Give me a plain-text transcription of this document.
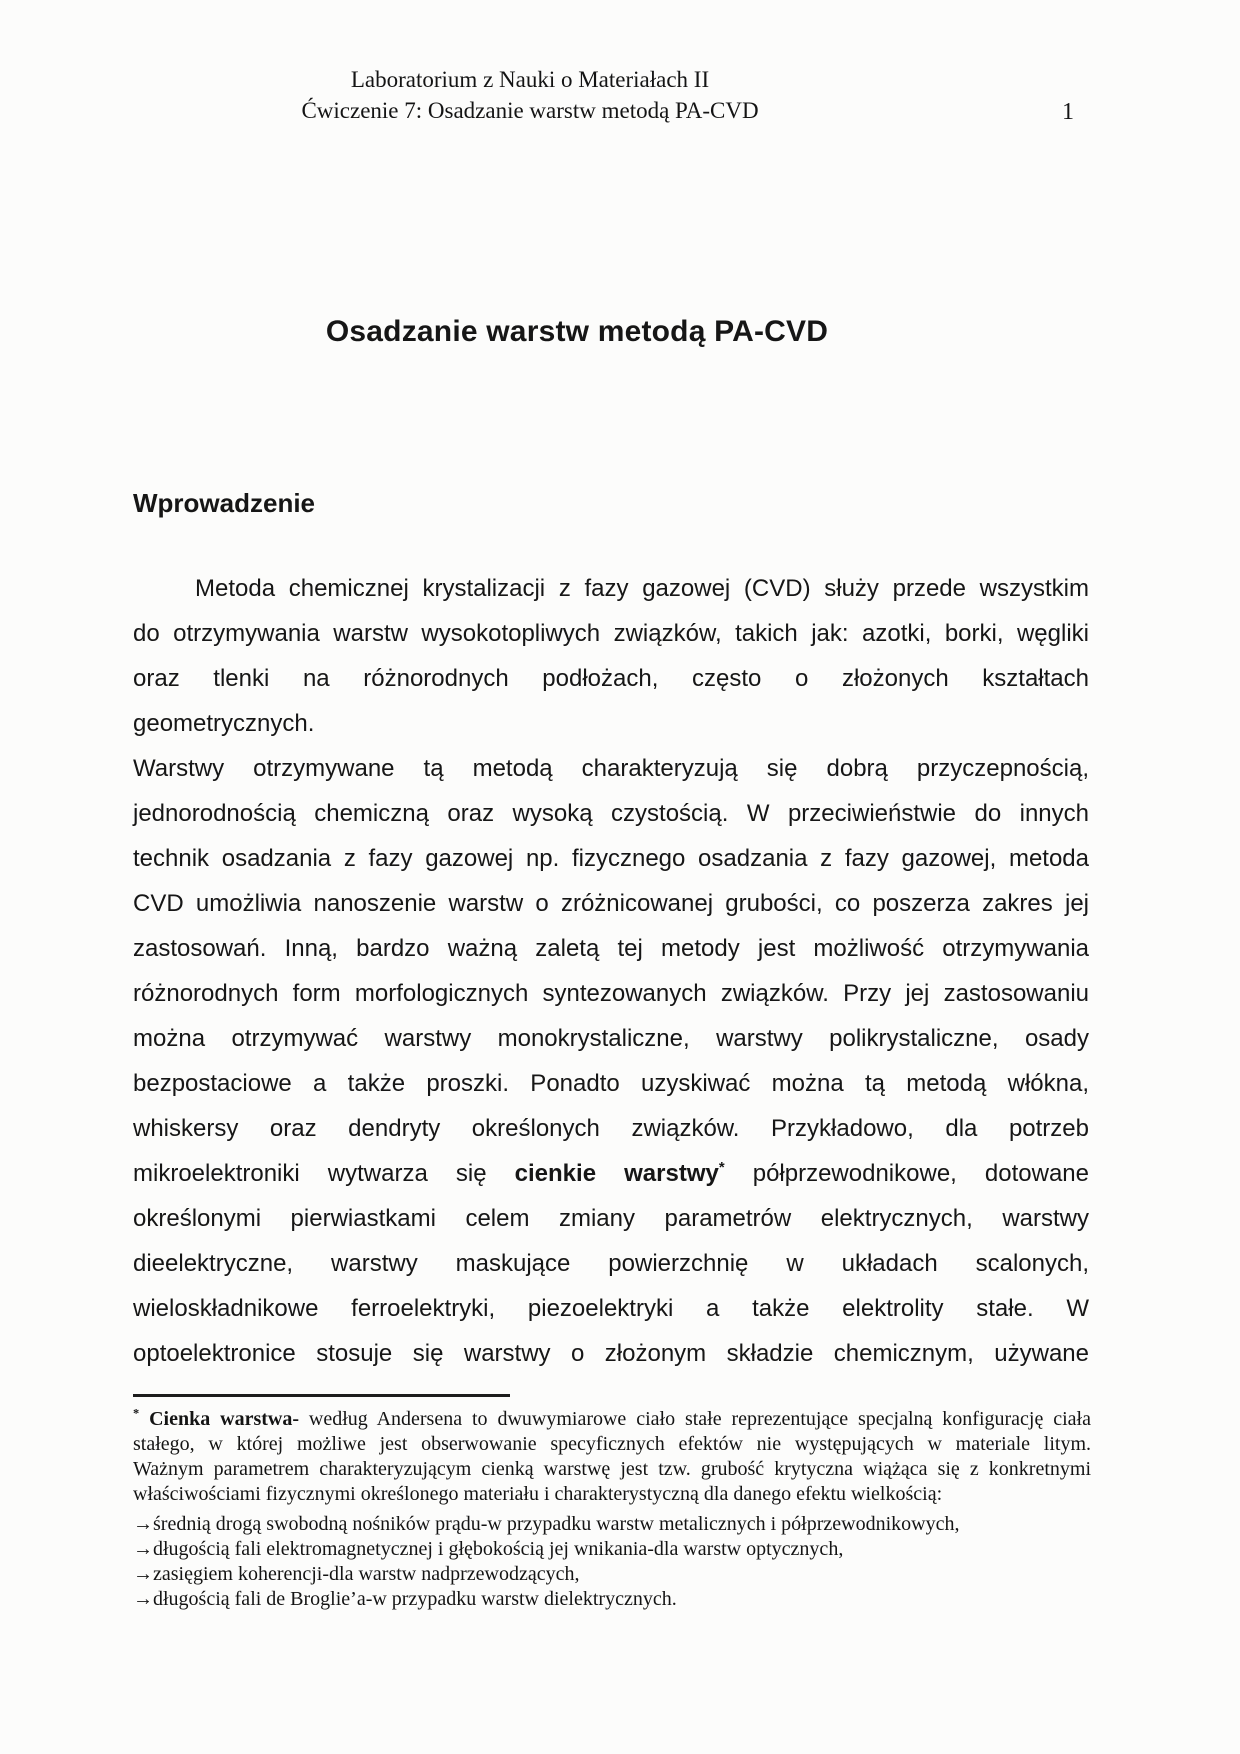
Laboratorium z Nauki o Materiałach II
Ćwiczenie 7: Osadzanie warstw metodą PA-CVD	1
Osadzanie warstw metodą PA-CVD
Wprowadzenie
Metoda chemicznej krystalizacji z fazy gazowej (CVD) służy przede wszystkim
do otrzymywania warstw wysokotopliwych związków, takich jak: azotki, borki, węgliki
oraz tlenki na różnorodnych podłożach, często o złożonych kształtach
geometrycznych.
Warstwy otrzymywane tą metodą charakteryzują się dobrą przyczepnością,
jednorodnością chemiczną oraz wysoką czystością. W przeciwieństwie do innych
technik osadzania z fazy gazowej np. fizycznego osadzania z fazy gazowej, metoda
CVD umożliwia nanoszenie warstw o zróżnicowanej grubości, co poszerza zakres jej
zastosowań. Inną, bardzo ważną zaletą tej metody jest możliwość otrzymywania
różnorodnych form morfologicznych syntezowanych związków. Przy jej zastosowaniu
można otrzymywać warstwy monokrystaliczne, warstwy polikrystaliczne, osady
bezpostaciowe a także proszki. Ponadto uzyskiwać można tą metodą włókna,
whiskersy oraz dendryty określonych związków. Przykładowo, dla potrzeb
mikroelektroniki wytwarza się cienkie warstwy* półprzewodnikowe, dotowane
określonymi pierwiastkami celem zmiany parametrów elektrycznych, warstwy
dieelektryczne, warstwy maskujące powierzchnię w układach scalonych,
wieloskładnikowe ferroelektryki, piezoelektryki a także elektrolity stałe. W
optoelektronice stosuje się warstwy o złożonym składzie chemicznym, używane
* Cienka warstwa- według Andersena to dwuwymiarowe ciało stałe reprezentujące specjalną konfigurację ciała
stałego, w której możliwe jest obserwowanie specyficznych efektów nie występujących w materiale litym.
Ważnym parametrem charakteryzującym cienką warstwę jest tzw. grubość krytyczna wiążąca się z konkretnymi
właściwościami fizycznymi określonego materiału i charakterystyczną dla danego efektu wielkością:
→średnią drogą swobodną nośników prądu-w przypadku warstw metalicznych i półprzewodnikowych,
→długością fali elektromagnetycznej i głębokością jej wnikania-dla warstw optycznych,
→zasięgiem koherencji-dla warstw nadprzewodzących,
→długością fali de Broglie’a-w przypadku warstw dielektrycznych.
